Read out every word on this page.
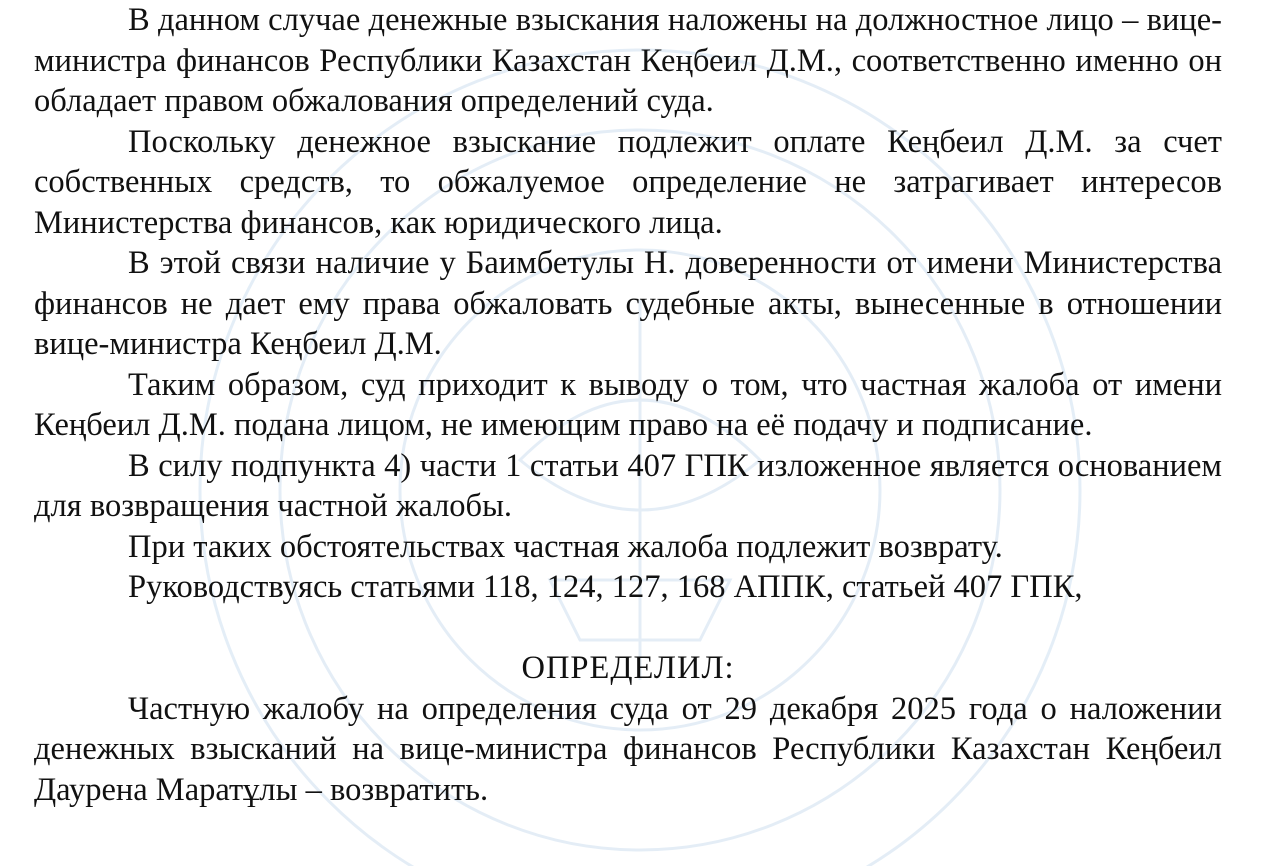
В данном случае денежные взыскания наложены на должностное лицо – вице-министра финансов Республики Казахстан Кеңбеил Д.М., соответственно именно он обладает правом обжалования определений суда.

Поскольку денежное взыскание подлежит оплате Кеңбеил Д.М. за счет собственных средств, то обжалуемое определение не затрагивает интересов Министерства финансов, как юридического лица.

В этой связи наличие у Баимбетулы Н. доверенности от имени Министерства финансов не дает ему права обжаловать судебные акты, вынесенные в отношении вице-министра Кеңбеил Д.М.

Таким образом, суд приходит к выводу о том, что частная жалоба от имени Кеңбеил Д.М. подана лицом, не имеющим право на её подачу и подписание.

В силу подпункта 4) части 1 статьи 407 ГПК изложенное является основанием для возвращения частной жалобы.

При таких обстоятельствах частная жалоба подлежит возврату.

Руководствуясь статьями 118, 124, 127, 168 АППК, статьей 407 ГПК,

ОПРЕДЕЛИЛ:

Частную жалобу на определения суда от 29 декабря 2025 года о наложении денежных взысканий на вице-министра финансов Республики Казахстан Кеңбеил Даурена Маратұлы – возвратить.
